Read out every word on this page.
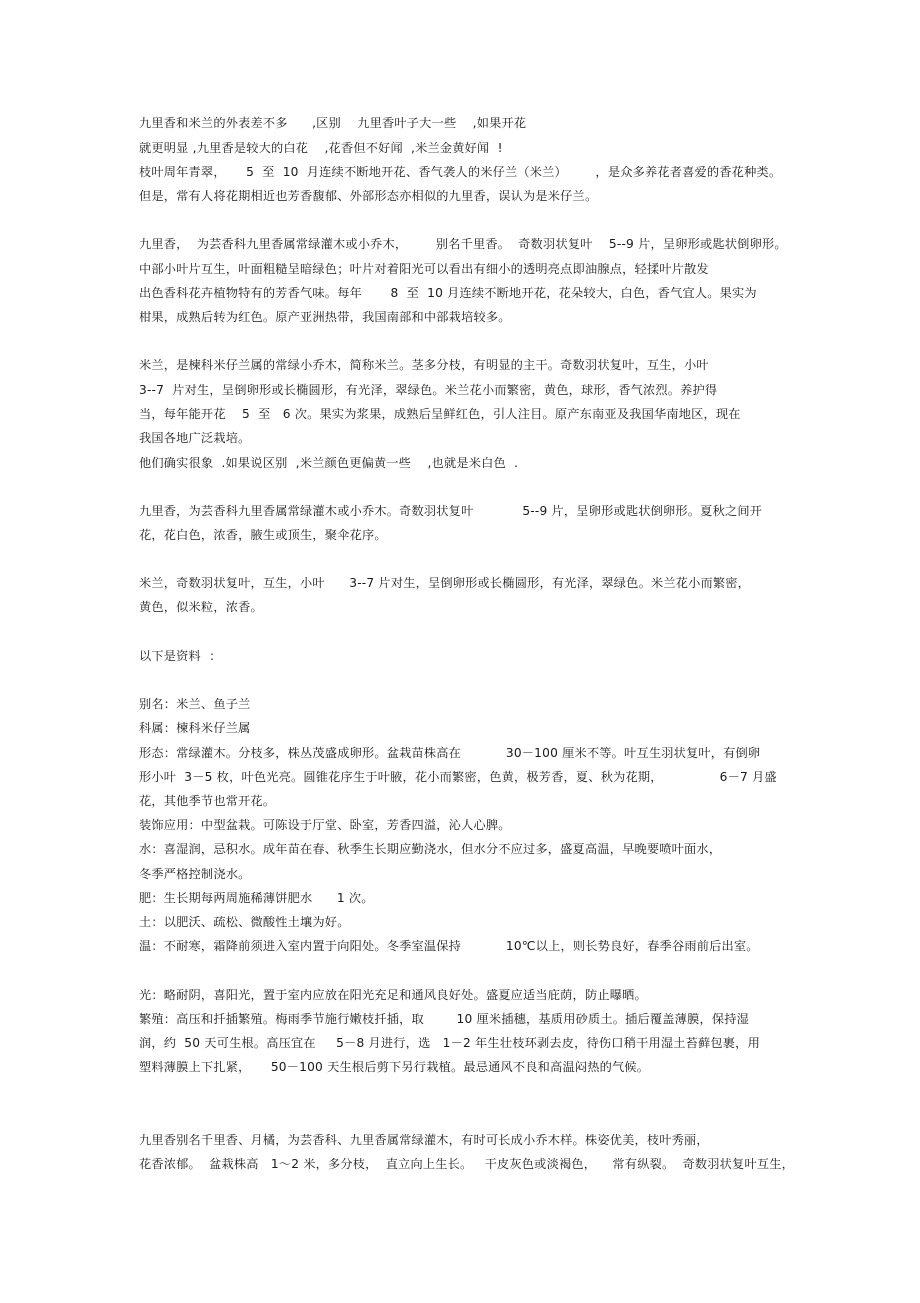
九里香和米兰的外表差不多      ,区别    九里香叶子大一些    ,如果开花
就更明显 ,九里香是较大的白花    ,花香但不好闻  ,米兰金黄好闻  !
枝叶周年青翠，     5  至  10  月连续不断地开花、香气袭人的米仔兰（米兰）       ，是众多养花者喜爱的香花种类。
但是，常有人将花期相近也芳香馥郁、外部形态亦相似的九里香，误认为是米仔兰。
九里香，  为芸香科九里香属常绿灌木或小乔木，       别名千里香。  奇数羽状复叶    5--9 片，呈卵形或匙状倒卵形。
中部小叶片互生，叶面粗糙呈暗绿色；叶片对着阳光可以看出有细小的透明亮点即油腺点，轻揉叶片散发
出色香科花卉植物特有的芳香气味。每年       8  至  10 月连续不断地开花，花朵较大，白色，香气宜人。果实为
柑果，成熟后转为红色。原产亚洲热带，我国南部和中部栽培较多。
米兰，是楝科米仔兰属的常绿小乔木，简称米兰。茎多分枝，有明显的主干。奇数羽状复叶，互生，小叶
3--7  片对生，呈倒卵形或长椭圆形，有光泽，翠绿色。米兰花小而繁密，黄色，球形，香气浓烈。养护得
当，每年能开花    5  至   6 次。果实为浆果，成熟后呈鲜红色，引人注目。原产东南亚及我国华南地区，现在
我国各地广泛栽培。
他们确实很象  .如果说区别  ,米兰颜色更偏黄一些    ,也就是米白色  .
九里香，为芸香科九里香属常绿灌木或小乔木。奇数羽状复叶            5--9 片，呈卵形或匙状倒卵形。夏秋之间开
花，花白色，浓香，腋生或顶生，聚伞花序。
米兰，奇数羽状复叶，互生，小叶      3--7 片对生，呈倒卵形或长椭圆形，有光泽，翠绿色。米兰花小而繁密，
黄色，似米粒，浓香。
以下是资料  ：
别名：米兰、鱼子兰
科属：楝科米仔兰属
形态：常绿灌木。分枝多，株丛茂盛成卵形。盆栽苗株高在           30－100 厘米不等。叶互生羽状复叶，有倒卵
形小叶  3－5 枚，叶色光亮。圆锥花序生于叶腋，花小而繁密，色黄，极芳香，夏、秋为花期，              6－7 月盛
花，其他季节也常开花。
装饰应用：中型盆栽。可陈设于厅堂、卧室，芳香四溢，沁人心脾。
水：喜湿润，忌积水。成年苗在春、秋季生长期应勤浇水，但水分不应过多，盛夏高温，早晚要喷叶面水，
冬季严格控制浇水。
肥：生长期每两周施稀薄饼肥水      1 次。
土：以肥沃、疏松、微酸性土壤为好。
温：不耐寒，霜降前须进入室内置于向阳处。冬季室温保持           10℃以上，则长势良好，春季谷雨前后出室。
光：略耐阴，喜阳光，置于室内应放在阳光充足和通风良好处。盛夏应适当庇荫，防止曝晒。
繁殖：高压和扦插繁殖。梅雨季节施行嫩枝扦插，取        10 厘米插穗，基质用砂质土。插后覆盖薄膜，保持湿
润，约  50 天可生根。高压宜在     5－8 月进行，选   1－2 年生壮枝环剥去皮，待伤口稍干用湿土苔藓包裹，用
塑料薄膜上下扎紧，     50－100 天生根后剪下另行栽植。最忌通风不良和高温闷热的气候。
九里香别名千里香、月橘，为芸香科、九里香属常绿灌木，有时可长成小乔木样。株姿优美，枝叶秀丽，
花香浓郁。  盆栽株高   1～2 米，多分枝，  直立向上生长。   干皮灰色或淡褐色，    常有纵裂。  奇数羽状复叶互生，
